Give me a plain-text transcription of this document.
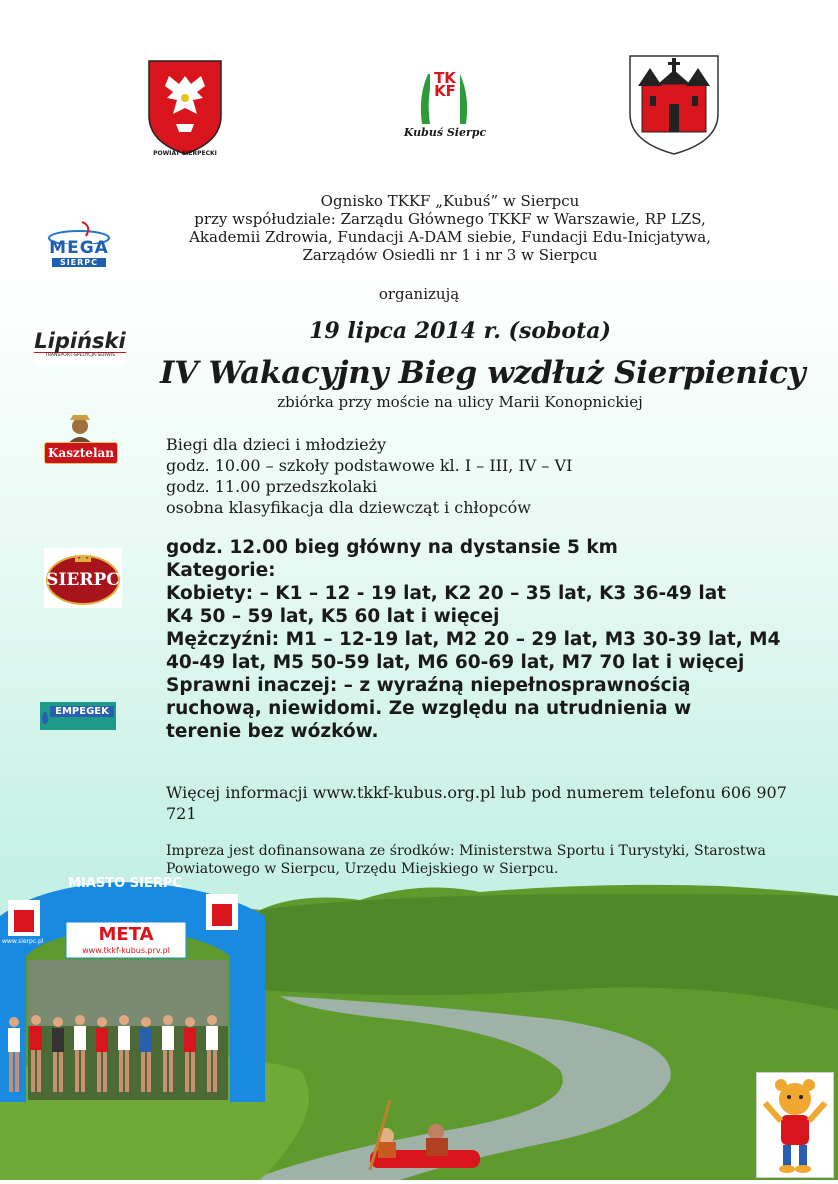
POWIAT SIERPECKI
TKKF
Kubuś Sierpc
MEGA
SIERPC
Lipiński
TRANSPORT·SPEDYCJA·SERWIS
Kasztelan
SIERPC
EMPEGEK
Ognisko TKKF „Kubuś” w Sierpcu
przy współudziale: Zarządu Głównego TKKF w Warszawie, RP LZS,
Akademii Zdrowia, Fundacji A-DAM siebie, Fundacji Edu-Inicjatywa,
Zarządów Osiedli nr 1 i nr 3 w Sierpcu
organizują
19 lipca 2014 r. (sobota)
IV Wakacyjny Bieg wzdłuż Sierpienicy
zbiórka przy moście na ulicy Marii Konopnickiej
Biegi dla dzieci i młodzieży
godz. 10.00 – szkoły podstawowe kl. I – III, IV – VI
godz. 11.00 przedszkolaki
osobna klasyfikacja dla dziewcząt i chłopców
godz. 12.00 bieg główny na dystansie 5 km
Kategorie:
Kobiety: – K1 – 12 - 19 lat, K2 20 – 35 lat, K3 36-49 lat
K4 50 – 59 lat, K5 60 lat i więcej
Mężczyźni: M1 – 12-19 lat, M2 20 – 29 lat, M3 30-39 lat, M4 40-49 lat, M5 50-59 lat, M6 60-69 lat, M7 70 lat i więcej
Sprawni inaczej: – z wyraźną niepełnosprawnością ruchową, niewidomi. Ze względu na utrudnienia w terenie bez wózków.
Więcej informacji www.tkkf-kubus.org.pl lub pod numerem telefonu 606 907 721
Impreza jest dofinansowana ze środków: Ministerstwa Sportu i Turystyki, Starostwa Powiatowego w Sierpcu, Urzędu Miejskiego w Sierpcu.
MIASTO SIERPC
META
www.tkkf-kubus.prv.pl
www.sierpc.pl
